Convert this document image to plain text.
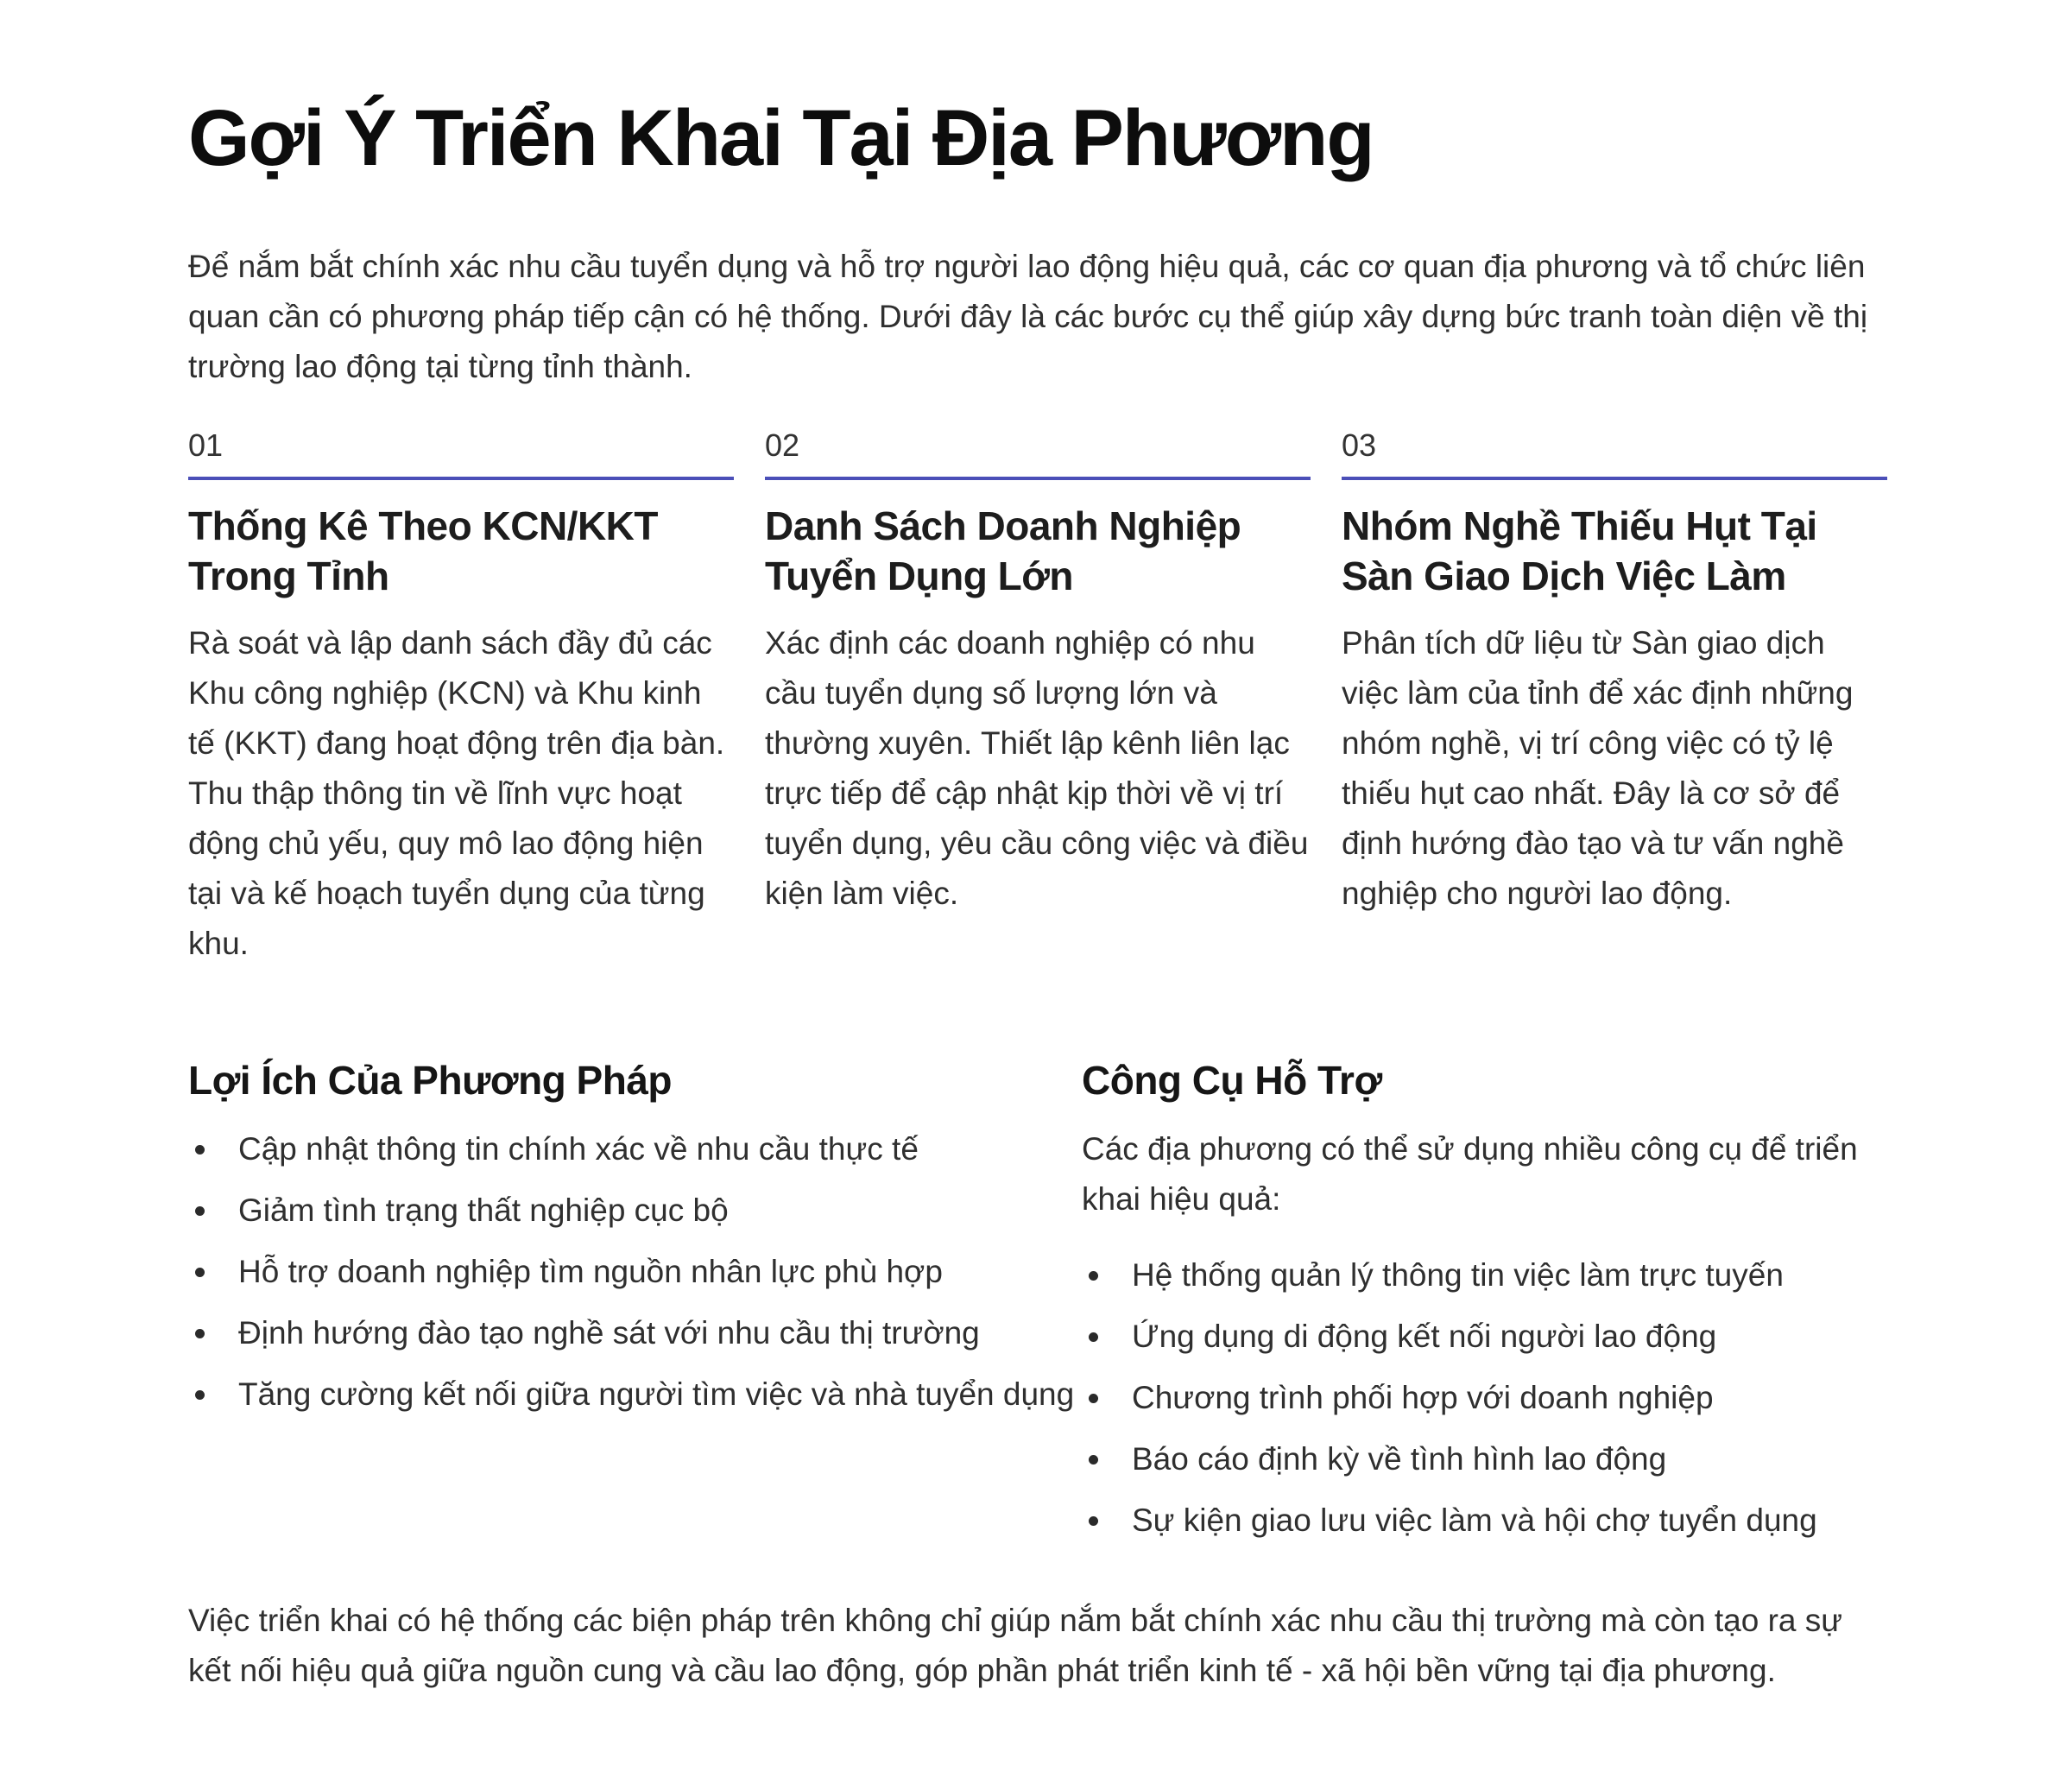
Gợi Ý Triển Khai Tại Địa Phương

Để nắm bắt chính xác nhu cầu tuyển dụng và hỗ trợ người lao động hiệu quả, các cơ quan địa phương và tổ chức liên quan cần có phương pháp tiếp cận có hệ thống. Dưới đây là các bước cụ thể giúp xây dựng bức tranh toàn diện về thị trường lao động tại từng tỉnh thành.

01
Thống Kê Theo KCN/KKT Trong Tỉnh

Rà soát và lập danh sách đầy đủ các Khu công nghiệp (KCN) và Khu kinh tế (KKT) đang hoạt động trên địa bàn. Thu thập thông tin về lĩnh vực hoạt động chủ yếu, quy mô lao động hiện tại và kế hoạch tuyển dụng của từng khu.

02
Danh Sách Doanh Nghiệp Tuyển Dụng Lớn

Xác định các doanh nghiệp có nhu cầu tuyển dụng số lượng lớn và thường xuyên. Thiết lập kênh liên lạc trực tiếp để cập nhật kịp thời về vị trí tuyển dụng, yêu cầu công việc và điều kiện làm việc.

03
Nhóm Nghề Thiếu Hụt Tại Sàn Giao Dịch Việc Làm

Phân tích dữ liệu từ Sàn giao dịch việc làm của tỉnh để xác định những nhóm nghề, vị trí công việc có tỷ lệ thiếu hụt cao nhất. Đây là cơ sở để định hướng đào tạo và tư vấn nghề nghiệp cho người lao động.

Lợi Ích Của Phương Pháp
Cập nhật thông tin chính xác về nhu cầu thực tế
Giảm tình trạng thất nghiệp cục bộ
Hỗ trợ doanh nghiệp tìm nguồn nhân lực phù hợp
Định hướng đào tạo nghề sát với nhu cầu thị trường
Tăng cường kết nối giữa người tìm việc và nhà tuyển dụng
Công Cụ Hỗ Trợ

Các địa phương có thể sử dụng nhiều công cụ để triển khai hiệu quả:

Hệ thống quản lý thông tin việc làm trực tuyến
Ứng dụng di động kết nối người lao động
Chương trình phối hợp với doanh nghiệp
Báo cáo định kỳ về tình hình lao động
Sự kiện giao lưu việc làm và hội chợ tuyển dụng

Việc triển khai có hệ thống các biện pháp trên không chỉ giúp nắm bắt chính xác nhu cầu thị trường mà còn tạo ra sự kết nối hiệu quả giữa nguồn cung và cầu lao động, góp phần phát triển kinh tế - xã hội bền vững tại địa phương.
